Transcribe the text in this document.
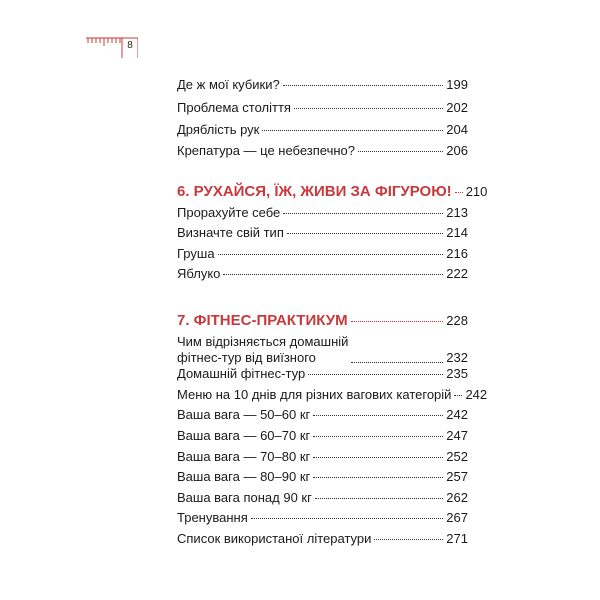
8
Де ж мої кубики?	199
Проблема століття	202
Дряблість рук	204
Крепатура — це небезпечно?	206
6. РУХАЙСЯ, ЇЖ, ЖИВИ ЗА ФІГУРОЮ! 210
Прорахуйте себе	213
Визначте свій тип	214
Груша	216
Яблуко	222
7. ФІТНЕС-ПРАКТИКУМ	228
Чим відрізняється домашній
фітнес-тур від виїзного	232
Домашній фітнес-тур	235
Меню на 10 днів для різних вагових категорій 242
Ваша вага — 50–60 кг	242
Ваша вага — 60–70 кг	247
Ваша вага — 70–80 кг	252
Ваша вага — 80–90 кг	257
Ваша вага понад 90 кг	262
Тренування	267
Список використаної літератури	271
